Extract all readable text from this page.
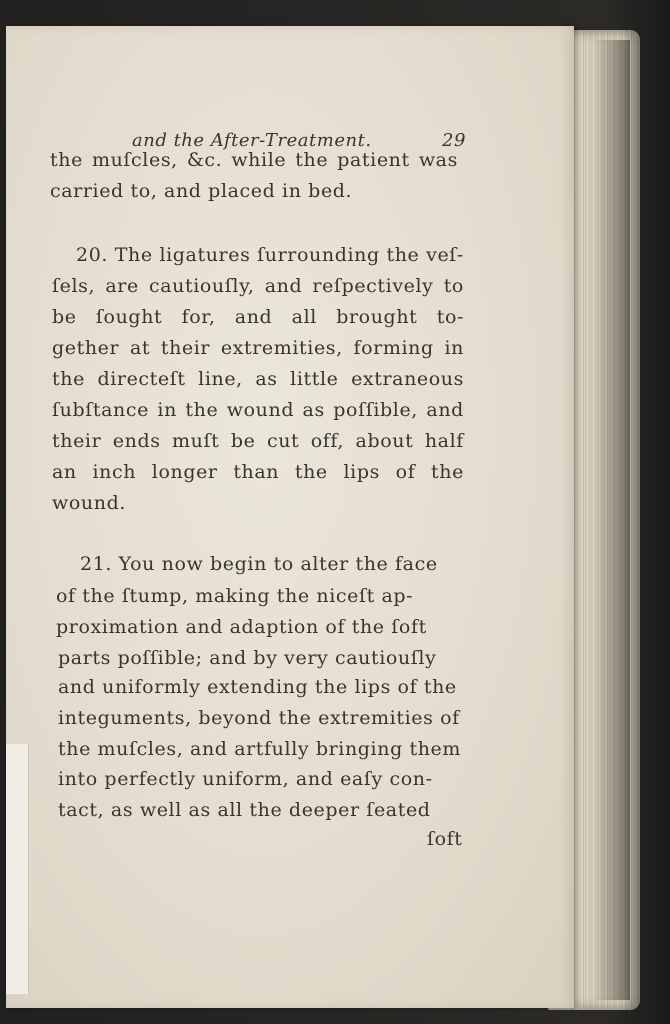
and the After-Treatment.	29
the muſcles, &c. while the patient was
carried to, and placed in bed.
20. The ligatures ſurrounding the veſ-
ſels, are cautiouſly, and reſpectively to
be ſought for, and all brought to-
gether at their extremities, forming in
the directeſt line, as little extraneous
ſubſtance in the wound as poſſible, and
their ends muſt be cut off, about half
an inch longer than the lips of the
wound.
21. You now begin to alter the face
of the ſtump, making the niceſt ap-
proximation and adaption of the ſoft
parts poſſible; and by very cautiouſly
and uniformly extending the lips of the
integuments, beyond the extremities of
the muſcles, and artfully bringing them
into perfectly uniform, and eaſy con-
tact, as well as all the deeper ſeated
ſoft
